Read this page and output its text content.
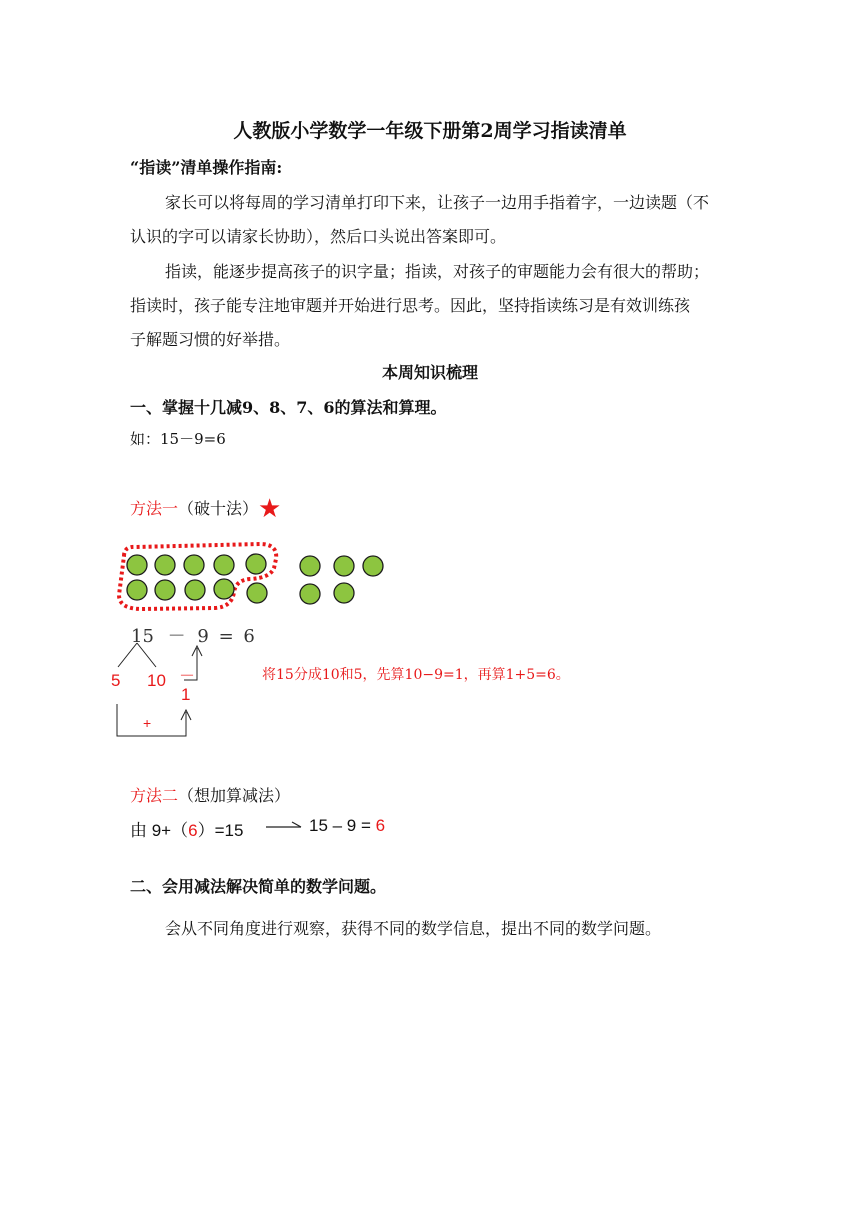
人教版小学数学一年级下册第2周学习指读清单
“指读”清单操作指南:
家长可以将每周的学习清单打印下来，让孩子一边用手指着字，一边读题（不
认识的字可以请家长协助），然后口头说出答案即可。
指读，能逐步提高孩子的识字量；指读，对孩子的审题能力会有很大的帮助；
指读时，孩子能专注地审题并开始进行思考。因此，坚持指读练习是有效训练孩
子解题习惯的好举措。
本周知识梳理
一、掌握十几减9、8、7、6的算法和算理。
如：15－9=6
方法一（破十法）★
15 － 9 = 6
5 10 －
1
+
将15分成10和5，先算10−9=1，再算1+5=6。
方法二（想加算减法）
由 9+（6）=15	15 – 9 = 6
二、会用减法解决简单的数学问题。
会从不同角度进行观察，获得不同的数学信息，提出不同的数学问题。
